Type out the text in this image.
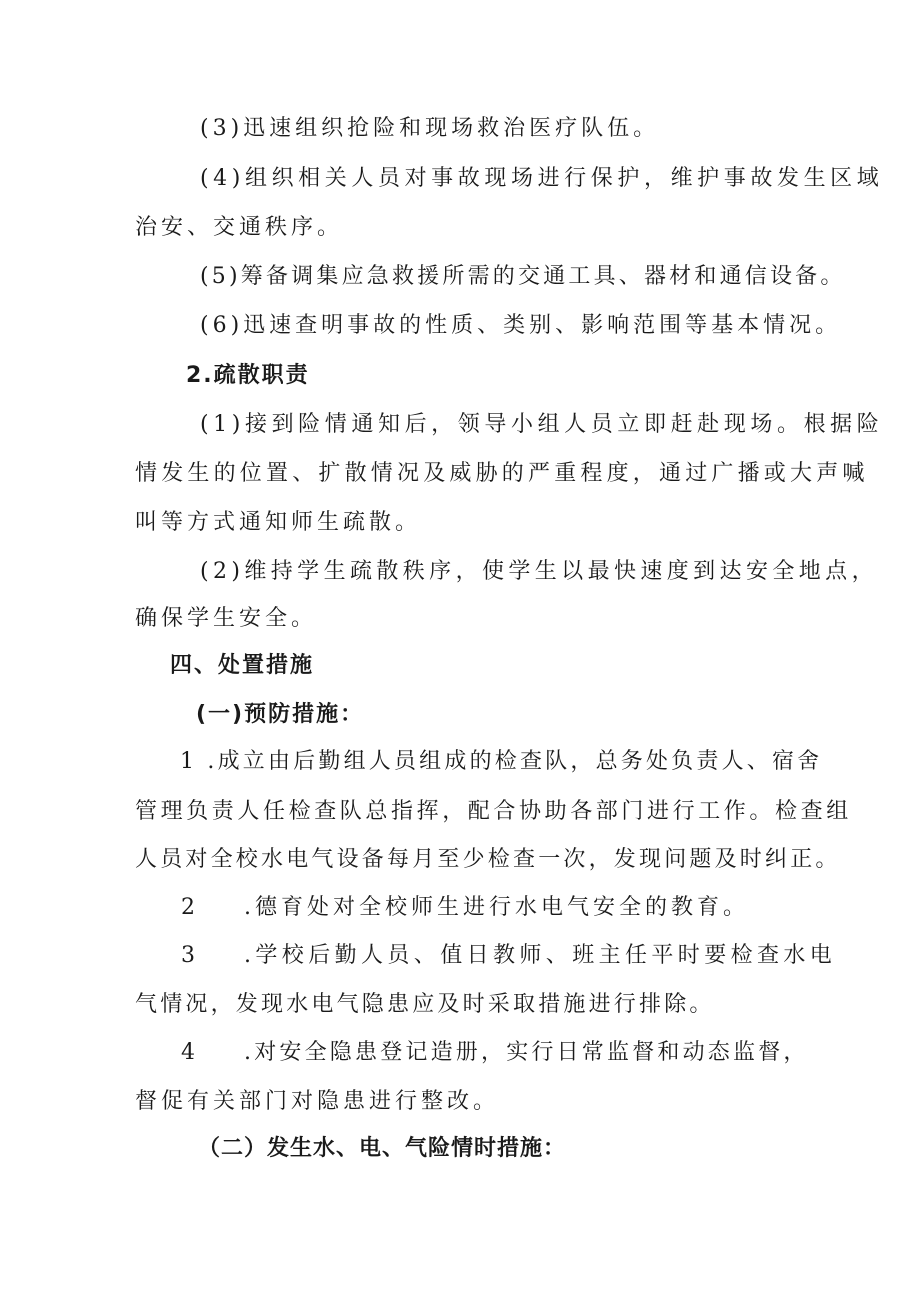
(3)迅速组织抢险和现场救治医疗队伍。
(4)组织相关人员对事故现场进行保护，维护事故发生区域
治安、交通秩序。
(5)筹备调集应急救援所需的交通工具、器材和通信设备。
(6)迅速查明事故的性质、类别、影响范围等基本情况。
2.疏散职责
(1)接到险情通知后，领导小组人员立即赶赴现场。根据险
情发生的位置、扩散情况及威胁的严重程度，通过广播或大声喊
叫等方式通知师生疏散。
(2)维持学生疏散秩序，使学生以最快速度到达安全地点，
确保学生安全。
四、处置措施
(一)预防措施：
1 .成立由后勤组人员组成的检查队，总务处负责人、宿舍
管理负责人任检查队总指挥，配合协助各部门进行工作。检查组
人员对全校水电气设备每月至少检查一次，发现问题及时纠正。
2 .德育处对全校师生进行水电气安全的教育。
3 .学校后勤人员、值日教师、班主任平时要检查水电
气情况，发现水电气隐患应及时采取措施进行排除。
4 .对安全隐患登记造册，实行日常监督和动态监督，
督促有关部门对隐患进行整改。
（二）发生水、电、气险情时措施：
